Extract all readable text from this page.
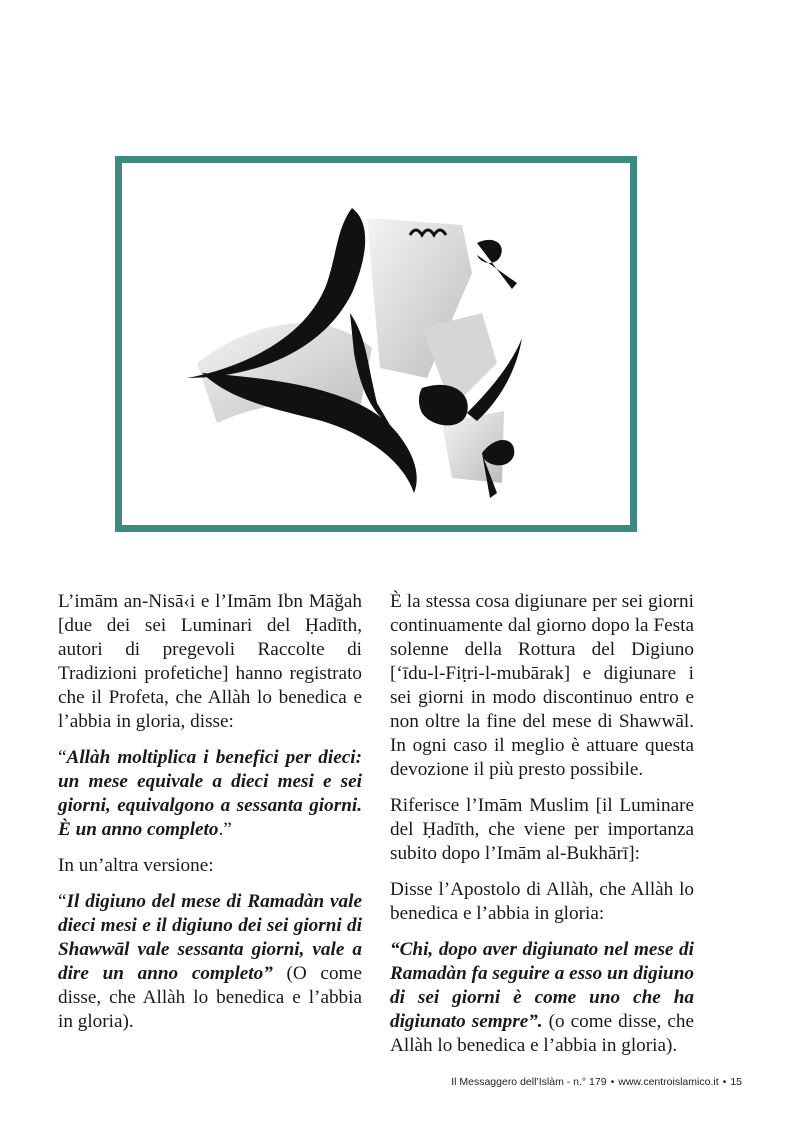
L’imām an-Nisā‹i e l’Imām Ibn Māğah [due dei sei Luminari del Ḥadīth, autori di pregevoli Raccolte di Tradizioni profetiche] hanno registrato che il Profeta, che Allàh lo benedica e l’abbia in gloria, disse:

“Allàh moltiplica i benefici per dieci: un mese equivale a dieci mesi e sei giorni, equivalgono a sessanta giorni. È un anno completo.”

In un’altra versione:

“Il digiuno del mese di Ramadàn vale dieci mesi e il digiuno dei sei giorni di Shawwāl vale sessanta giorni, vale a dire un anno completo” (O come disse, che Allàh lo benedica e l’abbia in gloria).

È la stessa cosa digiunare per sei giorni continuamente dal giorno dopo la Festa solenne della Rottura del Digiuno [ʻīdu-l-Fiṭri-l-mubārak] e digiunare i sei giorni in modo discontinuo entro e non oltre la fine del mese di Shawwāl. In ogni caso il meglio è attuare questa devozione il più presto possibile.

Riferisce l’Imām Muslim [il Luminare del Ḥadīth, che viene per importanza subito dopo l’Imām al-Bukhārī]:

Disse l’Apostolo di Allàh, che Allàh lo benedica e l’abbia in gloria:

“Chi, dopo aver digiunato nel mese di Ramadàn fa seguire a esso un digiuno di sei giorni è come uno che ha digiunato sempre”. (o come disse, che Allàh lo benedica e l’abbia in gloria).

Il Messaggero dell’Islàm - n.° 179 • www.centroislamico.it • 15
